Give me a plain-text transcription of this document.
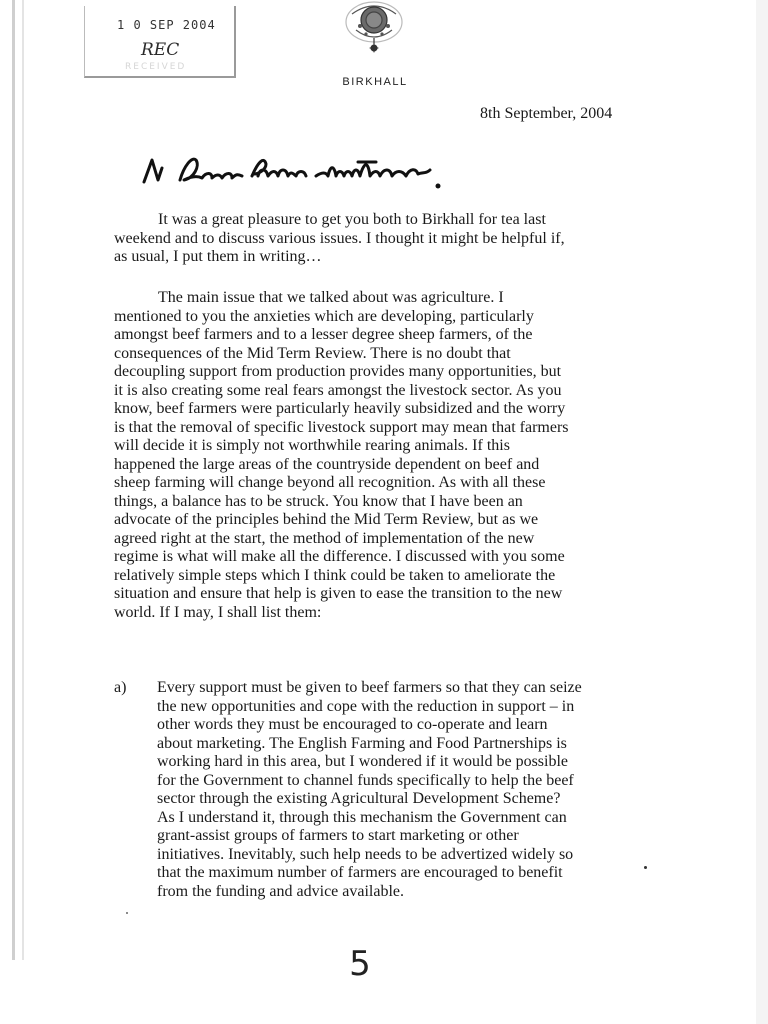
1 0 SEP 2004
REC
RECEIVED
BIRKHALL
8th September, 2004

It was a great pleasure to get you both to Birkhall for tea last
weekend and to discuss various issues. I thought it might be helpful if,
as usual, I put them in writing…

The main issue that we talked about was agriculture. I
mentioned to you the anxieties which are developing, particularly
amongst beef farmers and to a lesser degree sheep farmers, of the
consequences of the Mid Term Review. There is no doubt that
decoupling support from production provides many opportunities, but
it is also creating some real fears amongst the livestock sector. As you
know, beef farmers were particularly heavily subsidized and the worry
is that the removal of specific livestock support may mean that farmers
will decide it is simply not worthwhile rearing animals. If this
happened the large areas of the countryside dependent on beef and
sheep farming will change beyond all recognition. As with all these
things, a balance has to be struck. You know that I have been an
advocate of the principles behind the Mid Term Review, but as we
agreed right at the start, the method of implementation of the new
regime is what will make all the difference. I discussed with you some
relatively simple steps which I think could be taken to ameliorate the
situation and ensure that help is given to ease the transition to the new
world. If I may, I shall list them:

a) Every support must be given to beef farmers so that they can seize
the new opportunities and cope with the reduction in support – in
other words they must be encouraged to co-operate and learn
about marketing. The English Farming and Food Partnerships is
working hard in this area, but I wondered if it would be possible
for the Government to channel funds specifically to help the beef
sector through the existing Agricultural Development Scheme?
As I understand it, through this mechanism the Government can
grant-assist groups of farmers to start marketing or other
initiatives. Inevitably, such help needs to be advertized widely so
that the maximum number of farmers are encouraged to benefit
from the funding and advice available.

5
